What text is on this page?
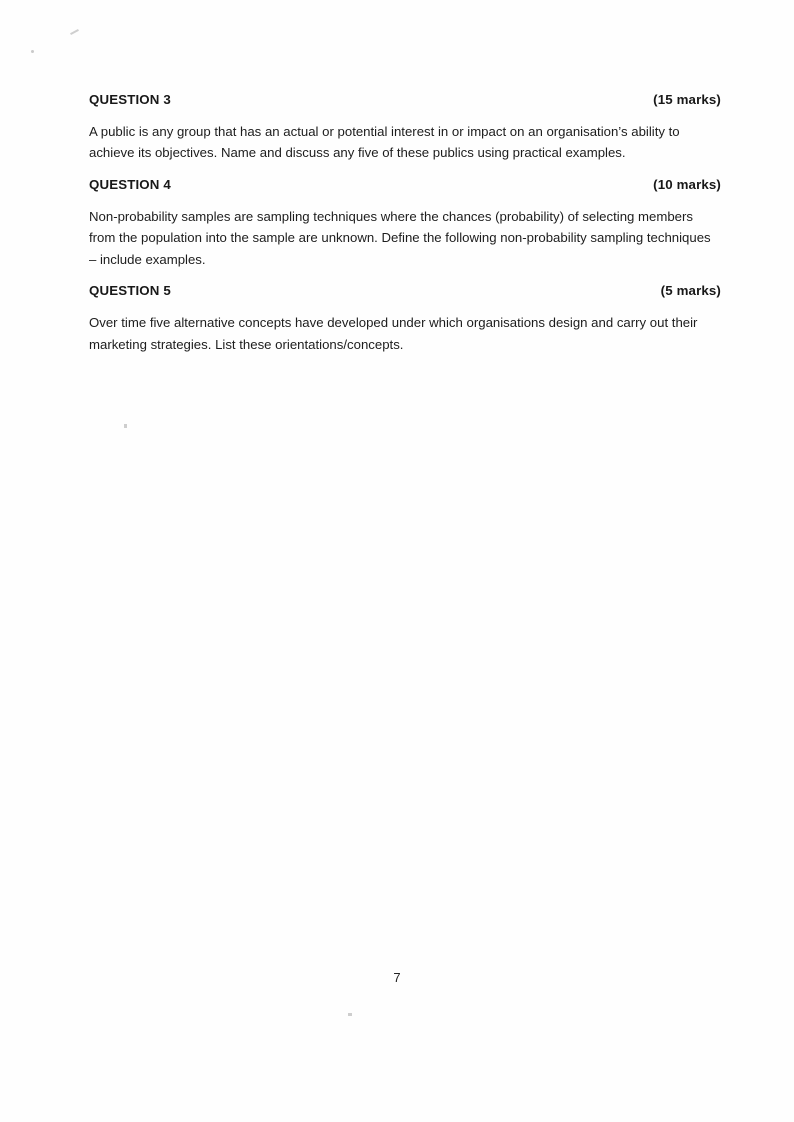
QUESTION 3	(15 marks)

A public is any group that has an actual or potential interest in or impact on an organisation’s ability to achieve its objectives. Name and discuss any five of these publics using practical examples.

QUESTION 4	(10 marks)

Non-probability samples are sampling techniques where the chances (probability) of selecting members from the population into the sample are unknown. Define the following non-probability sampling techniques – include examples.

QUESTION 5	(5 marks)

Over time five alternative concepts have developed under which organisations design and carry out their marketing strategies. List these orientations/concepts.

7
